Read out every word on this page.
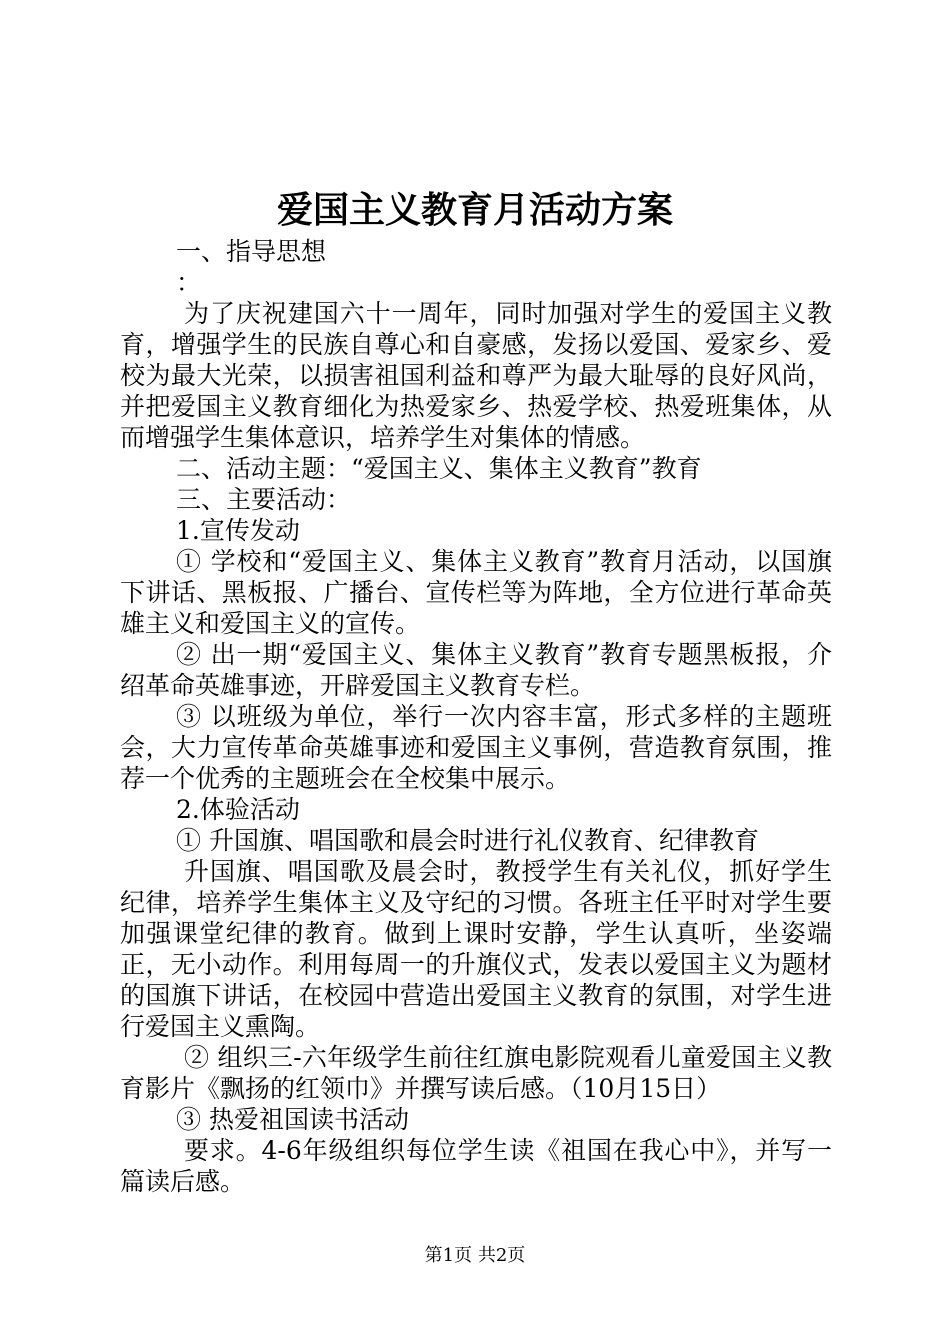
爱国主义教育月活动方案

一、指导思想

：

为了庆祝建国六十一周年，同时加强对学生的爱国主义教育，增强学生的民族自尊心和自豪感，发扬以爱国、爱家乡、爱校为最大光荣，以损害祖国利益和尊严为最大耻辱的良好风尚，并把爱国主义教育细化为热爱家乡、热爱学校、热爱班集体，从而增强学生集体意识，培养学生对集体的情感。

二、活动主题：“爱国主义、集体主义教育”教育

三、主要活动：

1.宣传发动

① 学校和“爱国主义、集体主义教育”教育月活动，以国旗下讲话、黑板报、广播台、宣传栏等为阵地，全方位进行革命英雄主义和爱国主义的宣传。

② 出一期“爱国主义、集体主义教育”教育专题黑板报，介绍革命英雄事迹，开辟爱国主义教育专栏。

③ 以班级为单位，举行一次内容丰富，形式多样的主题班会，大力宣传革命英雄事迹和爱国主义事例，营造教育氛围，推荐一个优秀的主题班会在全校集中展示。

2.体验活动

① 升国旗、唱国歌和晨会时进行礼仪教育、纪律教育

升国旗、唱国歌及晨会时，教授学生有关礼仪，抓好学生纪律，培养学生集体主义及守纪的习惯。各班主任平时对学生要加强课堂纪律的教育。做到上课时安静，学生认真听，坐姿端正，无小动作。利用每周一的升旗仪式，发表以爱国主义为题材的国旗下讲话，在校园中营造出爱国主义教育的氛围，对学生进行爱国主义熏陶。

② 组织三-六年级学生前往红旗电影院观看儿童爱国主义教育影片《飘扬的红领巾》并撰写读后感。（10月15日）

③ 热爱祖国读书活动

要求。4-6年级组织每位学生读《祖国在我心中》，并写一篇读后感。

第1页 共2页
